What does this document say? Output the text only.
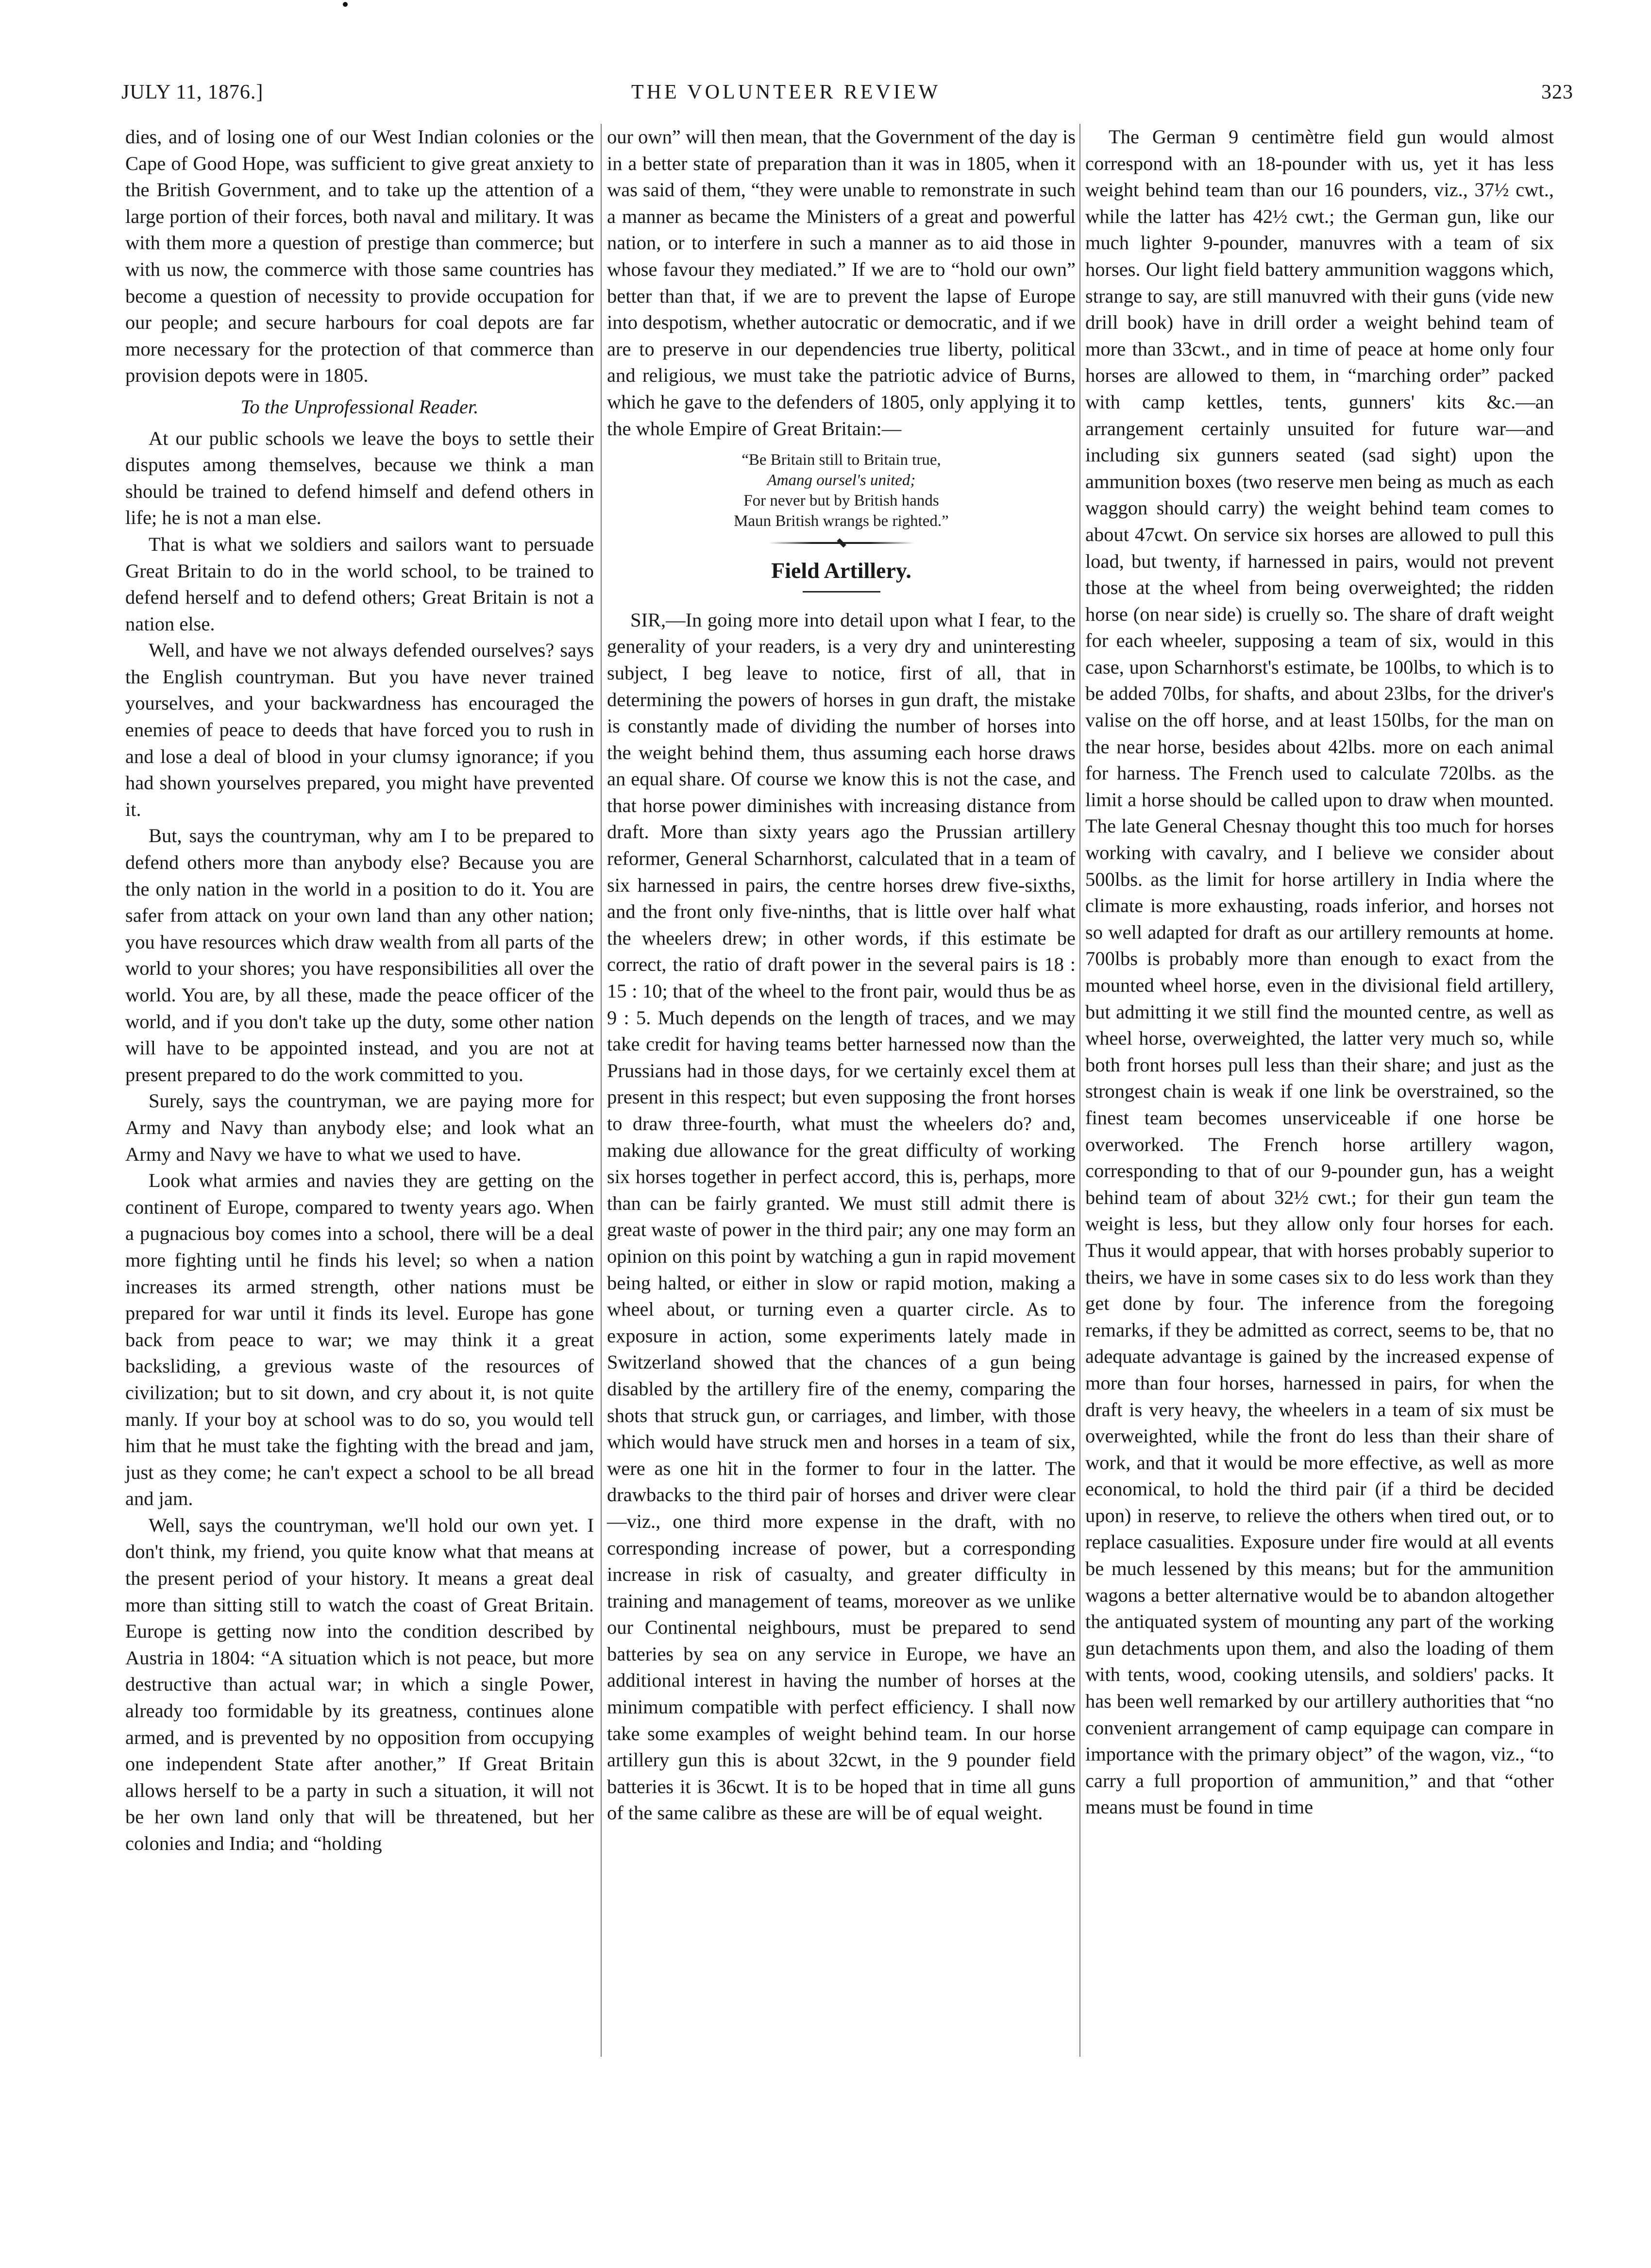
JULY 11, 1876.]	THE VOLUNTEER REVIEW	323

dies, and of losing one of our West Indian colonies or the Cape of Good Hope, was sufficient to give great anxiety to the British Government, and to take up the attention of a large portion of their forces, both naval and military. It was with them more a question of prestige than commerce; but with us now, the commerce with those same countries has become a question of necessity to provide occupation for our people; and secure harbours for coal depots are far more necessary for the protection of that commerce than provision depots were in 1805.

To the Unprofessional Reader.

At our public schools we leave the boys to settle their disputes among themselves, because we think a man should be trained to defend himself and defend others in life; he is not a man else.

That is what we soldiers and sailors want to persuade Great Britain to do in the world school, to be trained to defend herself and to defend others; Great Britain is not a nation else.

Well, and have we not always defended ourselves? says the English countryman. But you have never trained yourselves, and your backwardness has encouraged the enemies of peace to deeds that have forced you to rush in and lose a deal of blood in your clumsy ignorance; if you had shown yourselves prepared, you might have prevented it.

But, says the countryman, why am I to be prepared to defend others more than anybody else? Because you are the only nation in the world in a position to do it. You are safer from attack on your own land than any other nation; you have resources which draw wealth from all parts of the world to your shores; you have responsibilities all over the world. You are, by all these, made the peace officer of the world, and if you don't take up the duty, some other nation will have to be appointed instead, and you are not at present prepared to do the work committed to you.

Surely, says the countryman, we are paying more for Army and Navy than anybody else; and look what an Army and Navy we have to what we used to have.

Look what armies and navies they are getting on the continent of Europe, compared to twenty years ago. When a pugnacious boy comes into a school, there will be a deal more fighting until he finds his level; so when a nation increases its armed strength, other nations must be prepared for war until it finds its level. Europe has gone back from peace to war; we may think it a great backsliding, a grevious waste of the resources of civilization; but to sit down, and cry about it, is not quite manly. If your boy at school was to do so, you would tell him that he must take the fighting with the bread and jam, just as they come; he can't expect a school to be all bread and jam.

Well, says the countryman, we'll hold our own yet. I don't think, my friend, you quite know what that means at the present period of your history. It means a great deal more than sitting still to watch the coast of Great Britain. Europe is getting now into the condition described by Austria in 1804: “A situation which is not peace, but more destructive than actual war; in which a single Power, already too formidable by its greatness, continues alone armed, and is prevented by no opposition from occupying one independent State after another,” If Great Britain allows herself to be a party in such a situation, it will not be her own land only that will be threatened, but her colonies and India; and “holding

our own” will then mean, that the Government of the day is in a better state of preparation than it was in 1805, when it was said of them, “they were unable to remonstrate in such a manner as became the Ministers of a great and powerful nation, or to interfere in such a manner as to aid those in whose favour they mediated.” If we are to “hold our own” better than that, if we are to prevent the lapse of Europe into despotism, whether autocratic or democratic, and if we are to preserve in our dependencies true liberty, political and religious, we must take the patriotic advice of Burns, which he gave to the defenders of 1805, only applying it to the whole Empire of Great Britain:—

“Be Britain still to Britain true,
Amang oursel's united;
For never but by British hands
Maun British wrangs be righted.”

Field Artillery.

SIR,—In going more into detail upon what I fear, to the generality of your readers, is a very dry and uninteresting subject, I beg leave to notice, first of all, that in determining the powers of horses in gun draft, the mistake is constantly made of dividing the number of horses into the weight behind them, thus assuming each horse draws an equal share. Of course we know this is not the case, and that horse power diminishes with increasing distance from draft. More than sixty years ago the Prussian artillery reformer, General Scharnhorst, calculated that in a team of six harnessed in pairs, the centre horses drew five-sixths, and the front only five-ninths, that is little over half what the wheelers drew; in other words, if this estimate be correct, the ratio of draft power in the several pairs is 18 : 15 : 10; that of the wheel to the front pair, would thus be as 9 : 5. Much depends on the length of traces, and we may take credit for having teams better harnessed now than the Prussians had in those days, for we certainly excel them at present in this respect; but even supposing the front horses to draw three-fourth, what must the wheelers do? and, making due allowance for the great difficulty of working six horses together in perfect accord, this is, perhaps, more than can be fairly granted. We must still admit there is great waste of power in the third pair; any one may form an opinion on this point by watching a gun in rapid movement being halted, or either in slow or rapid motion, making a wheel about, or turning even a quarter circle. As to exposure in action, some experiments lately made in Switzerland showed that the chances of a gun being disabled by the artillery fire of the enemy, comparing the shots that struck gun, or carriages, and limber, with those which would have struck men and horses in a team of six, were as one hit in the former to four in the latter. The drawbacks to the third pair of horses and driver were clear—viz., one third more expense in the draft, with no corresponding increase of power, but a corresponding increase in risk of casualty, and greater difficulty in training and management of teams, moreover as we unlike our Continental neighbours, must be prepared to send batteries by sea on any service in Europe, we have an additional interest in having the number of horses at the minimum compatible with perfect efficiency. I shall now take some examples of weight behind team. In our horse artillery gun this is about 32cwt, in the 9 pounder field batteries it is 36cwt. It is to be hoped that in time all guns of the same calibre as these are will be of equal weight.

The German 9 centimètre field gun would almost correspond with an 18-pounder with us, yet it has less weight behind team than our 16 pounders, viz., 37½ cwt., while the latter has 42½ cwt.; the German gun, like our much lighter 9-pounder, manuvres with a team of six horses. Our light field battery ammunition waggons which, strange to say, are still manuvred with their guns (vide new drill book) have in drill order a weight behind team of more than 33cwt., and in time of peace at home only four horses are allowed to them, in “marching order” packed with camp kettles, tents, gunners' kits &c.—an arrangement certainly unsuited for future war—and including six gunners seated (sad sight) upon the ammunition boxes (two reserve men being as much as each waggon should carry) the weight behind team comes to about 47cwt. On service six horses are allowed to pull this load, but twenty, if harnessed in pairs, would not prevent those at the wheel from being overweighted; the ridden horse (on near side) is cruelly so. The share of draft weight for each wheeler, supposing a team of six, would in this case, upon Scharnhorst's estimate, be 100lbs, to which is to be added 70lbs, for shafts, and about 23lbs, for the driver's valise on the off horse, and at least 150lbs, for the man on the near horse, besides about 42lbs. more on each animal for harness. The French used to calculate 720lbs. as the limit a horse should be called upon to draw when mounted. The late General Chesnay thought this too much for horses working with cavalry, and I believe we consider about 500lbs. as the limit for horse artillery in India where the climate is more exhausting, roads inferior, and horses not so well adapted for draft as our artillery remounts at home. 700lbs is probably more than enough to exact from the mounted wheel horse, even in the divisional field artillery, but admitting it we still find the mounted centre, as well as wheel horse, overweighted, the latter very much so, while both front horses pull less than their share; and just as the strongest chain is weak if one link be overstrained, so the finest team becomes unserviceable if one horse be overworked. The French horse artillery wagon, corresponding to that of our 9-pounder gun, has a weight behind team of about 32½ cwt.; for their gun team the weight is less, but they allow only four horses for each. Thus it would appear, that with horses probably superior to theirs, we have in some cases six to do less work than they get done by four. The inference from the foregoing remarks, if they be admitted as correct, seems to be, that no adequate advantage is gained by the increased expense of more than four horses, harnessed in pairs, for when the draft is very heavy, the wheelers in a team of six must be overweighted, while the front do less than their share of work, and that it would be more effective, as well as more economical, to hold the third pair (if a third be decided upon) in reserve, to relieve the others when tired out, or to replace casualities. Exposure under fire would at all events be much lessened by this means; but for the ammunition wagons a better alternative would be to abandon altogether the antiquated system of mounting any part of the working gun detachments upon them, and also the loading of them with tents, wood, cooking utensils, and soldiers' packs. It has been well remarked by our artillery authorities that “no convenient arrangement of camp equipage can compare in importance with the primary object” of the wagon, viz., “to carry a full proportion of ammunition,” and that “other means must be found in time
